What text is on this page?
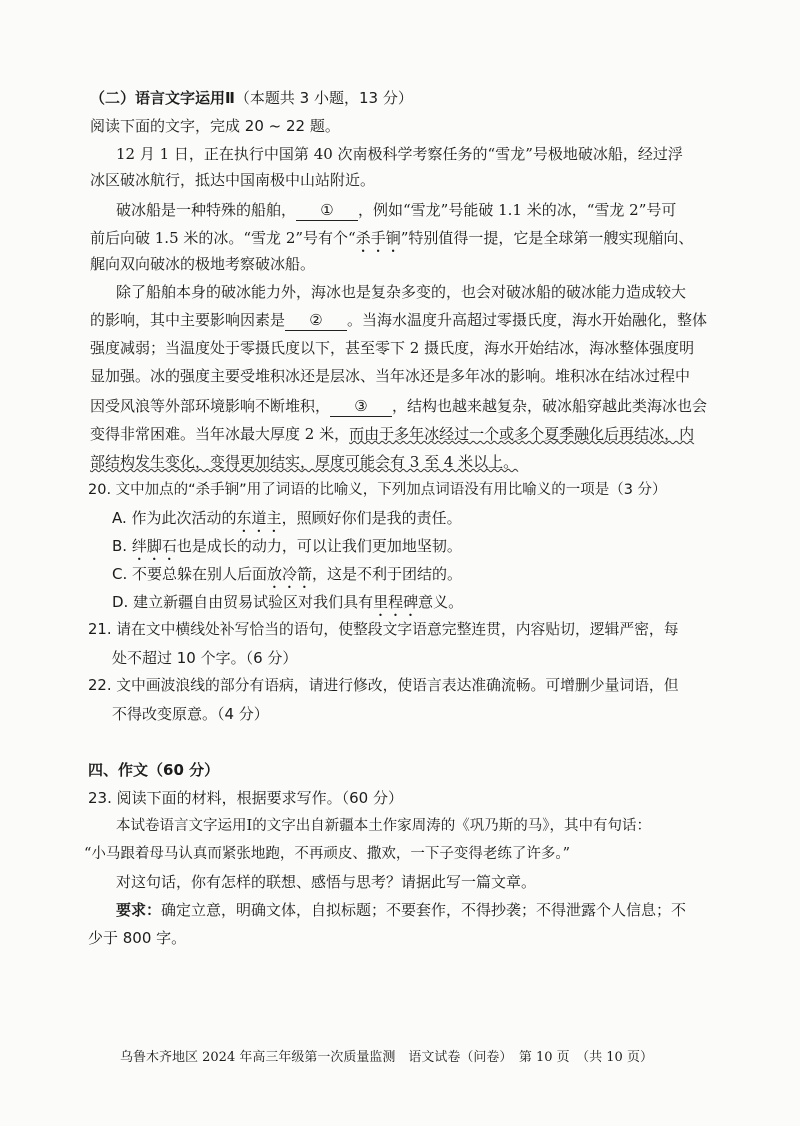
（二）语言文字运用Ⅱ（本题共 3 小题，13 分）
阅读下面的文字，完成 20 ~ 22 题。
12 月 1 日，正在执行中国第 40 次南极科学考察任务的“雪龙”号极地破冰船，经过浮
冰区破冰航行，抵达中国南极中山站附近。
破冰船是一种特殊的船舶， ① ，例如“雪龙”号能破 1.1 米的冰，“雪龙 2”号可
前后向破 1.5 米的冰。“雪龙 2”号有个“杀手锏”特别值得一提，它是全球第一艘实现艏向、
艉向双向破冰的极地考察破冰船。
除了船舶本身的破冰能力外，海冰也是复杂多变的，也会对破冰船的破冰能力造成较大
的影响，其中主要影响因素是 ② 。当海水温度升高超过零摄氏度，海水开始融化，整体
强度减弱；当温度处于零摄氏度以下，甚至零下 2 摄氏度，海水开始结冰，海冰整体强度明
显加强。冰的强度主要受堆积冰还是层冰、当年冰还是多年冰的影响。堆积冰在结冰过程中
因受风浪等外部环境影响不断堆积， ③ ，结构也越来越复杂，破冰船穿越此类海冰也会
变得非常困难。当年冰最大厚度 2 米，而由于多年冰经过一个或多个夏季融化后再结冰，内
部结构发生变化，变得更加结实，厚度可能会有 3 至 4 米以上。
20. 文中加点的“杀手锏”用了词语的比喻义，下列加点词语没有用比喻义的一项是（3 分）
A. 作为此次活动的东道主，照顾好你们是我的责任。
B. 绊脚石也是成长的动力，可以让我们更加地坚韧。
C. 不要总躲在别人后面放冷箭，这是不利于团结的。
D. 建立新疆自由贸易试验区对我们具有里程碑意义。
21. 请在文中横线处补写恰当的语句，使整段文字语意完整连贯，内容贴切，逻辑严密，每
处不超过 10 个字。（6 分）
22. 文中画波浪线的部分有语病，请进行修改，使语言表达准确流畅。可增删少量词语，但
不得改变原意。（4 分）
四、作文（60 分）
23. 阅读下面的材料，根据要求写作。（60 分）
本试卷语言文字运用Ⅰ的文字出自新疆本土作家周涛的《巩乃斯的马》，其中有句话：
“小马跟着母马认真而紧张地跑，不再顽皮、撒欢，一下子变得老练了许多。”
对这句话，你有怎样的联想、感悟与思考？请据此写一篇文章。
要求：确定立意，明确文体，自拟标题；不要套作，不得抄袭；不得泄露个人信息；不
少于 800 字。
乌鲁木齐地区 2024 年高三年级第一次质量监测　语文试卷（问卷）　第 10 页　（共 10 页）
